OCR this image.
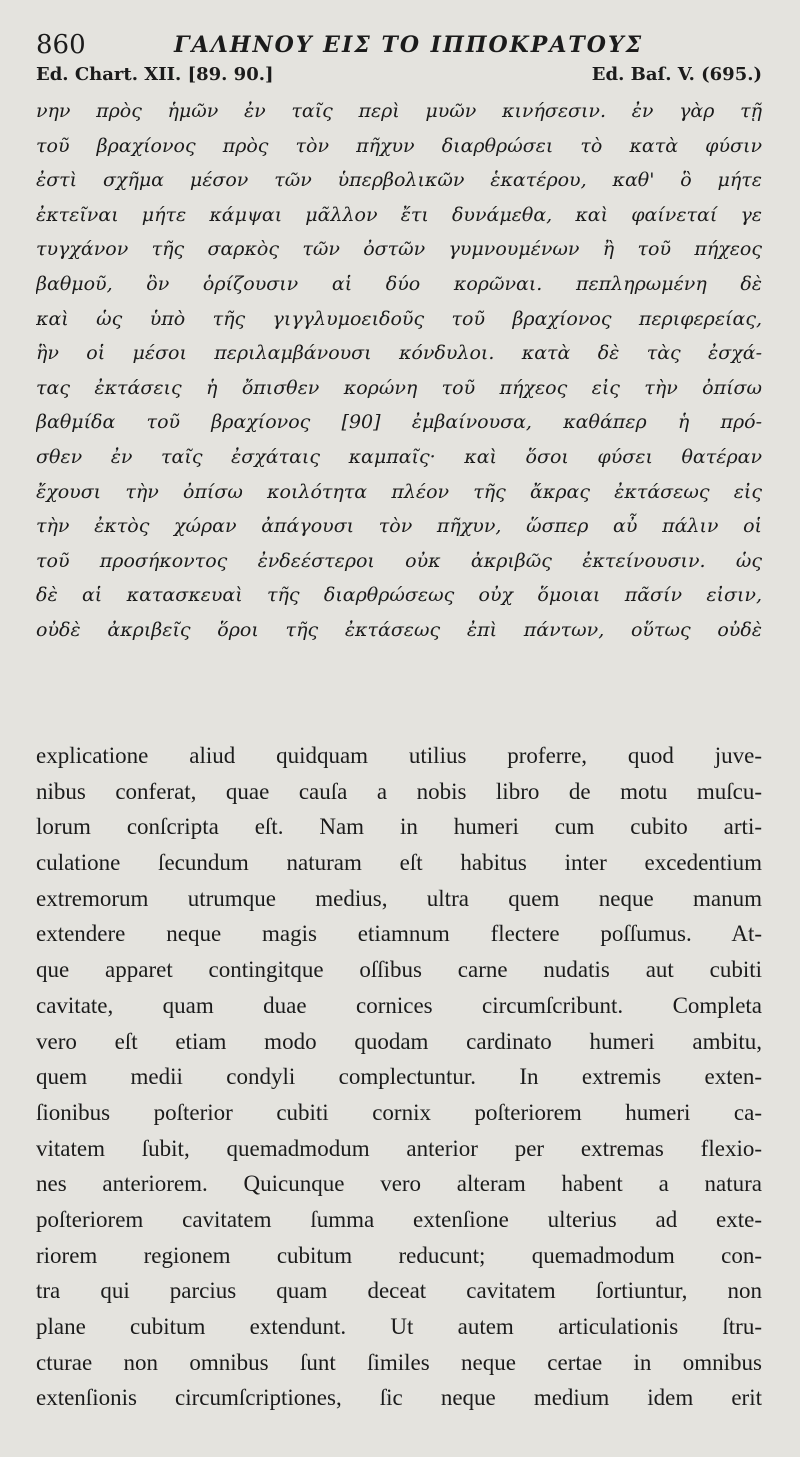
860	ΓΑΛΗΝΟΥ ΕΙΣ ΤΟ ΙΠΠΟΚΡΑΤΟΥΣ
Ed. Chart. XII. [89. 90.]	Ed. Baſ. V. (695.)
νην πρὸς ἡμῶν ἐν ταῖς περὶ μυῶν κινήσεσιν. ἐν γὰρ τῇ
τοῦ βραχίονος πρὸς τὸν πῆχυν διαρθρώσει τὸ κατὰ φύσιν
ἐστὶ σχῆμα μέσον τῶν ὑπερβολικῶν ἑκατέρου, καθ' ὃ μήτε
ἐκτεῖναι μήτε κάμψαι μᾶλλον ἔτι δυνάμεθα, καὶ φαίνεταί γε
τυγχάνον τῆς σαρκὸς τῶν ὀστῶν γυμνουμένων ἢ τοῦ πήχεος
βαθμοῦ, ὃν ὁρίζουσιν αἱ δύο κορῶναι. πεπληρωμένη δὲ
καὶ ὡς ὑπὸ τῆς γιγγλυμοειδοῦς τοῦ βραχίονος περιφερείας,
ἣν οἱ μέσοι περιλαμβάνουσι κόνδυλοι. κατὰ δὲ τὰς ἐσχά-
τας ἐκτάσεις ἡ ὄπισθεν κορώνη τοῦ πήχεος εἰς τὴν ὀπίσω
βαθμίδα τοῦ βραχίονος [90] ἐμβαίνουσα, καθάπερ ἡ πρό-
σθεν ἐν ταῖς ἐσχάταις καμπαῖς· καὶ ὅσοι φύσει θατέραν
ἔχουσι τὴν ὀπίσω κοιλότητα πλέον τῆς ἄκρας ἐκτάσεως εἰς
τὴν ἐκτὸς χώραν ἀπάγουσι τὸν πῆχυν, ὥσπερ αὖ πάλιν οἱ
τοῦ προσήκοντος ἐνδεέστεροι οὐκ ἀκριβῶς ἐκτείνουσιν. ὡς
δὲ αἱ κατασκευαὶ τῆς διαρθρώσεως οὐχ ὅμοιαι πᾶσίν εἰσιν,
οὐδὲ ἀκριβεῖς ὅροι τῆς ἐκτάσεως ἐπὶ πάντων, οὕτως οὐδὲ
explicatione aliud quidquam utilius proferre, quod juve-
nibus conferat, quae cauſa a nobis libro de motu muſcu-
lorum conſcripta eſt. Nam in humeri cum cubito arti-
culatione ſecundum naturam eſt habitus inter excedentium
extremorum utrumque medius, ultra quem neque manum
extendere neque magis etiamnum flectere poſſumus. At-
que apparet contingitque oſſibus carne nudatis aut cubiti
cavitate, quam duae cornices circumſcribunt. Completa
vero eſt etiam modo quodam cardinato humeri ambitu,
quem medii condyli complectuntur. In extremis exten-
ſionibus poſterior cubiti cornix poſteriorem humeri ca-
vitatem ſubit, quemadmodum anterior per extremas flexio-
nes anteriorem. Quicunque vero alteram habent a natura
poſteriorem cavitatem ſumma extenſione ulterius ad exte-
riorem regionem cubitum reducunt; quemadmodum con-
tra qui parcius quam deceat cavitatem ſortiuntur, non
plane cubitum extendunt. Ut autem articulationis ſtru-
cturae non omnibus ſunt ſimiles neque certae in omnibus
extenſionis circumſcriptiones, ſic neque medium idem erit
